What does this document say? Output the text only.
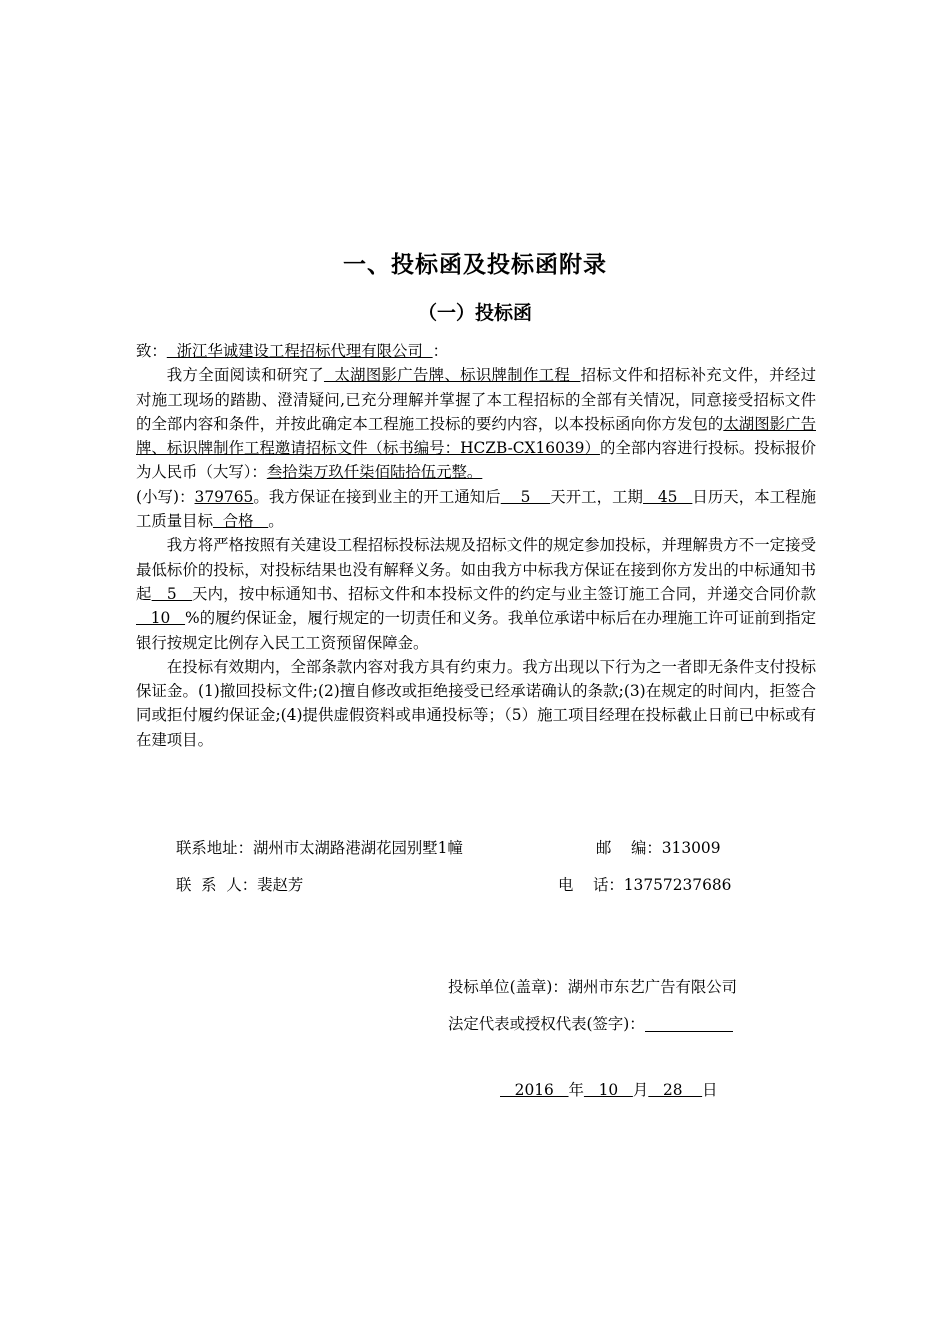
一、投标函及投标函附录
（一）投标函

致：  浙江华诚建设工程招标代理有限公司  ：

我方全面阅读和研究了  太湖图影广告牌、标识牌制作工程  招标文件和招标补充文件，并经过对施工现场的踏勘、澄清疑问,已充分理解并掌握了本工程招标的全部有关情况，同意接受招标文件的全部内容和条件，并按此确定本工程施工投标的要约内容，以本投标函向你方发包的太湖图影广告牌、标识牌制作工程邀请招标文件（标书编号：HCZB-CX16039）的全部内容进行投标。投标报价为人民币（大写）：叁拾柒万玖仟柒佰陆拾伍元整。
(小写)：379765。我方保证在接到业主的开工通知后    5    天开工，工期   45   日历天，本工程施工质量目标  合格   。

我方将严格按照有关建设工程招标投标法规及招标文件的规定参加投标，并理解贵方不一定接受最低标价的投标，对投标结果也没有解释义务。如由我方中标我方保证在接到你方发出的中标通知书起   5   天内，按中标通知书、招标文件和本投标文件的约定与业主签订施工合同，并递交合同价款   10   %的履约保证金，履行规定的一切责任和义务。我单位承诺中标后在办理施工许可证前到指定银行按规定比例存入民工工资预留保障金。

在投标有效期内，全部条款内容对我方具有约束力。我方出现以下行为之一者即无条件支付投标保证金。(1)撤回投标文件;(2)擅自修改或拒绝接受已经承诺确认的条款;(3)在规定的时间内，拒签合同或拒付履约保证金;(4)提供虚假资料或串通投标等；（5）施工项目经理在投标截止日前已中标或有在建项目。

联系地址：湖州市太湖路港湖花园别墅1幢	邮    编：313009
联  系  人：裴赵芳	电    话：13757237686
投标单位(盖章)：湖州市东艺广告有限公司
法定代表或授权代表(签字)：
2016   年   10   月   28    日
